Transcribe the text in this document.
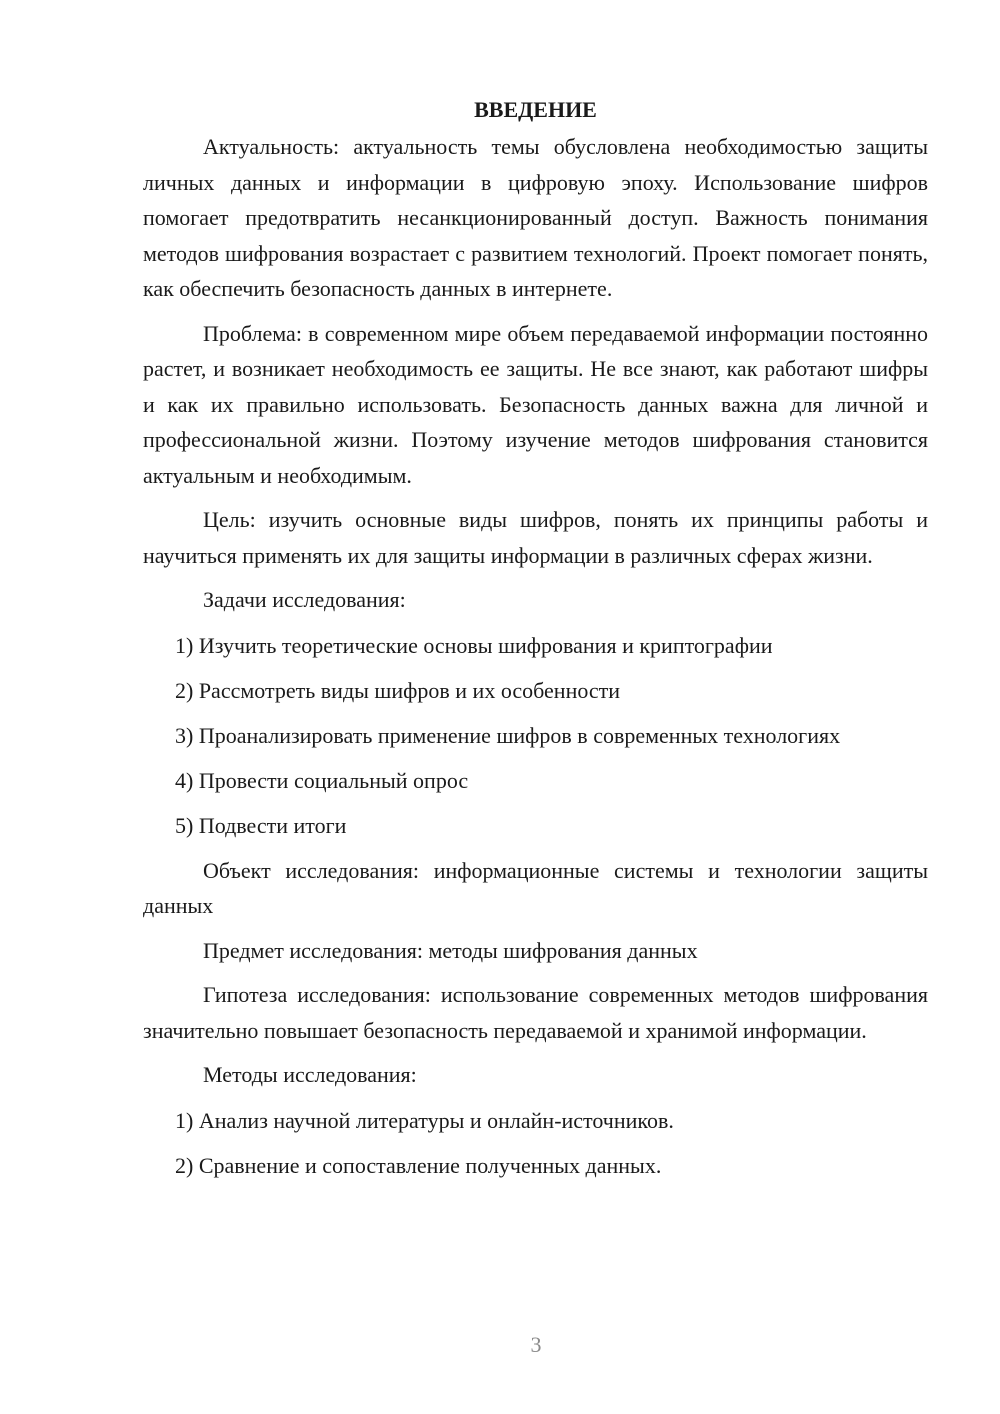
ВВЕДЕНИЕ

Актуальность: актуальность темы обусловлена необходимостью защиты личных данных и информации в цифровую эпоху. Использование шифров помогает предотвратить несанкционированный доступ. Важность понимания методов шифрования возрастает с развитием технологий. Проект помогает понять, как обеспечить безопасность данных в интернете.

Проблема: в современном мире объем передаваемой информации постоянно растет, и возникает необходимость ее защиты. Не все знают, как работают шифры и как их правильно использовать. Безопасность данных важна для личной и профессиональной жизни. Поэтому изучение методов шифрования становится актуальным и необходимым.

Цель: изучить основные виды шифров, понять их принципы работы и научиться применять их для защиты информации в различных сферах жизни.

Задачи исследования:

1) Изучить теоретические основы шифрования и криптографии
2) Рассмотреть виды шифров и их особенности
3) Проанализировать применение шифров в современных технологиях
4) Провести социальный опрос
5) Подвести итоги

Объект исследования: информационные системы и технологии защиты данных

Предмет исследования: методы шифрования данных

Гипотеза исследования: использование современных методов шифрования значительно повышает безопасность передаваемой и хранимой информации.

Методы исследования:

1) Анализ научной литературы и онлайн-источников.
2) Сравнение и сопоставление полученных данных.
3
